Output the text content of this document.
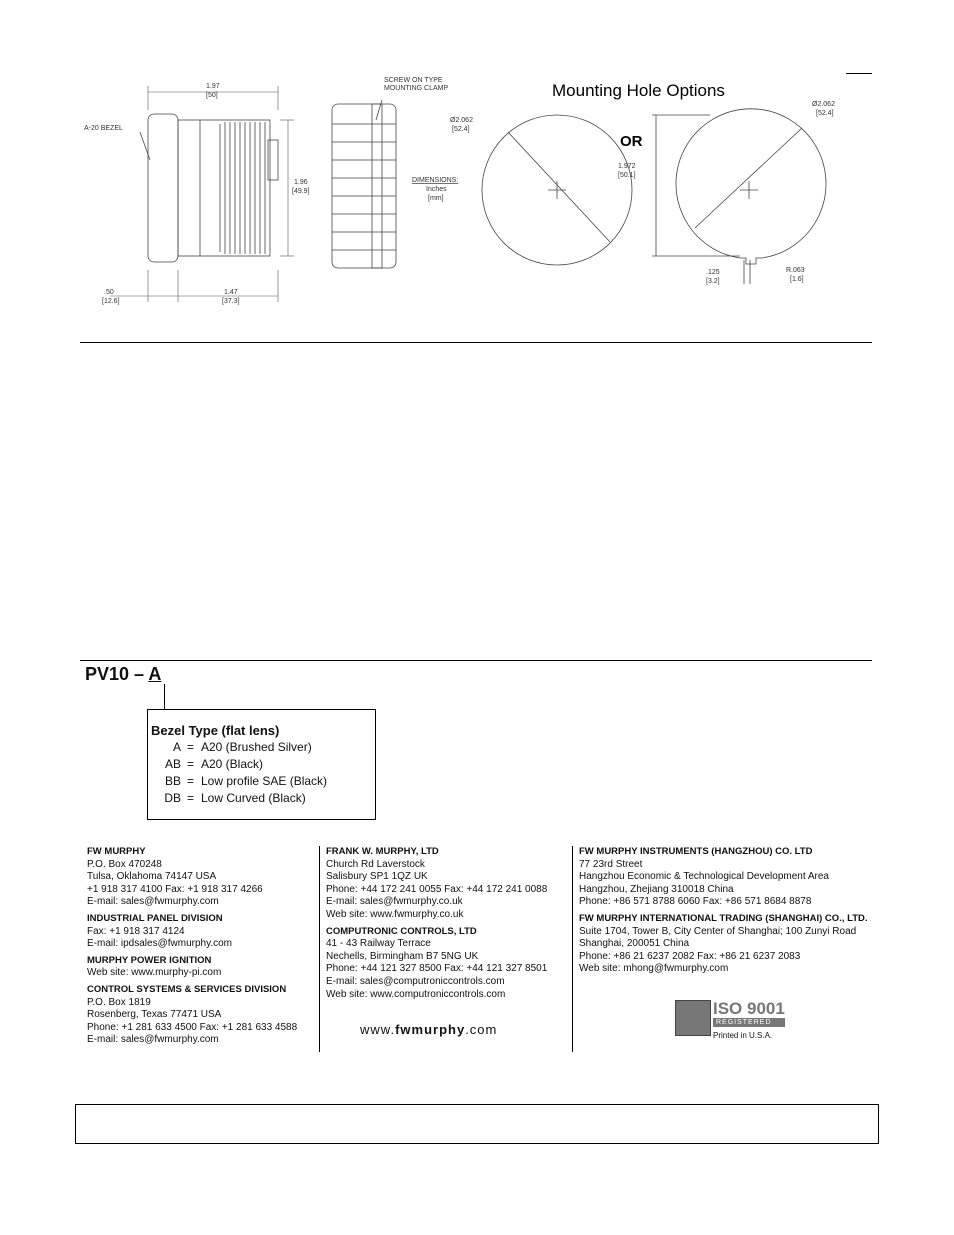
A-20 BEZEL
1.97
[50]
1.96
[49.9]
.50
[12.6]
1.47
[37.3]
SCREW ON TYPE
MOUNTING CLAMP
DIMENSIONS:
Inches
[mm]
Mounting Hole Options
Ø2.062
[52.4]
OR
Ø2.062
[52.4]
1.972
[50.1]
.125
[3.2]
R.063
[1.6]
PV10 – A
Bezel Type (flat lens)
A = A20 (Brushed Silver)
AB = A20 (Black)
BB = Low profile SAE (Black)
DB = Low Curved (Black)
FW MURPHY
P.O. Box 470248
Tulsa, Oklahoma 74147 USA
+1 918 317 4100 Fax: +1 918 317 4266
E-mail: sales@fwmurphy.com
INDUSTRIAL PANEL DIVISION
Fax: +1 918 317 4124
E-mail: ipdsales@fwmurphy.com
MURPHY POWER IGNITION
Web site: www.murphy-pi.com
CONTROL SYSTEMS & SERVICES DIVISION
P.O. Box 1819
Rosenberg, Texas 77471 USA
Phone: +1 281 633 4500 Fax: +1 281 633 4588
E-mail: sales@fwmurphy.com
FRANK W. MURPHY, LTD
Church Rd Laverstock
Salisbury SP1 1QZ UK
Phone: +44 172 241 0055 Fax: +44 172 241 0088
E-mail: sales@fwmurphy.co.uk
Web site: www.fwmurphy.co.uk
COMPUTRONIC CONTROLS, LTD
41 - 43 Railway Terrace
Nechells, Birmingham B7 5NG UK
Phone: +44 121 327 8500 Fax: +44 121 327 8501
E-mail: sales@computroniccontrols.com
Web site: www.computroniccontrols.com
www.fwmurphy.com
FW MURPHY INSTRUMENTS (HANGZHOU) CO. LTD
77 23rd Street
Hangzhou Economic & Technological Development Area
Hangzhou, Zhejiang 310018 China
Phone: +86 571 8788 6060 Fax: +86 571 8684 8878
FW MURPHY INTERNATIONAL TRADING (SHANGHAI) CO., LTD.
Suite 1704, Tower B, City Center of Shanghai; 100 Zunyi Road
Shanghai, 200051 China
Phone: +86 21 6237 2082 Fax: +86 21 6237 2083
Web site: mhong@fwmurphy.com
ISO 9001
REGISTERED
Printed in U.S.A.
